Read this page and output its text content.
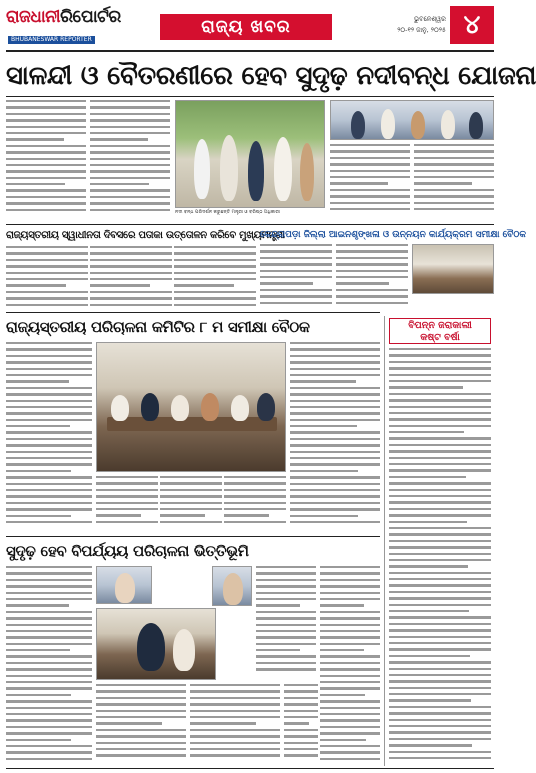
ରାଜଧାନୀରିପୋର୍ଟର
BHUBANESWAR REPORTER
ରାଜ୍ୟ ଖବର	ଭୁବନେଶ୍ୱର
୨୦-୧୨ ଜାନୁ, ୨୦୨୫ ୪
ସାଳନ୍ଦୀ ଓ ବୈତରଣୀରେ ହେବ ସୁଦୃଢ଼ ନଦୀବନ୍ଧ ଯୋଜନା
ନଦୀ ବନ୍ଧ ପରିଦର୍ଶନ କରୁଛନ୍ତି ମନ୍ତ୍ରୀ ଓ ବରିଷ୍ଠ ଅଧିକାରୀ
ରାଜ୍ୟସ୍ତରୀୟ ସ୍ୱାଧୀନତା ଦିବସରେ ପତାକା ଉତ୍ତୋଳନ କରିବେ ମୁଖ୍ୟମନ୍ତ୍ରୀ
କେନ୍ଦ୍ରାପଡ଼ା ଜିଲ୍ଲା ଆଇନଶୃଙ୍ଖଳା ଓ ଉନ୍ନୟନ କାର୍ଯ୍ୟକ୍ରମ ସମୀକ୍ଷା ବୈଠକ
ରାଜ୍ୟସ୍ତରୀୟ ପରିଚାଳନା କମିଟିର ୮ ମ ସମୀକ୍ଷା ବୈଠକ
ସୁଦୃଢ଼ ହେବ ବିପର୍ଯ୍ୟୟ ପରିଚାଳନା ଭିତ୍ତିଭୂମି
ବିପନ୍ନ ଜରାକାଲୀ
କଷ୍ଟ ବର୍ଷା
